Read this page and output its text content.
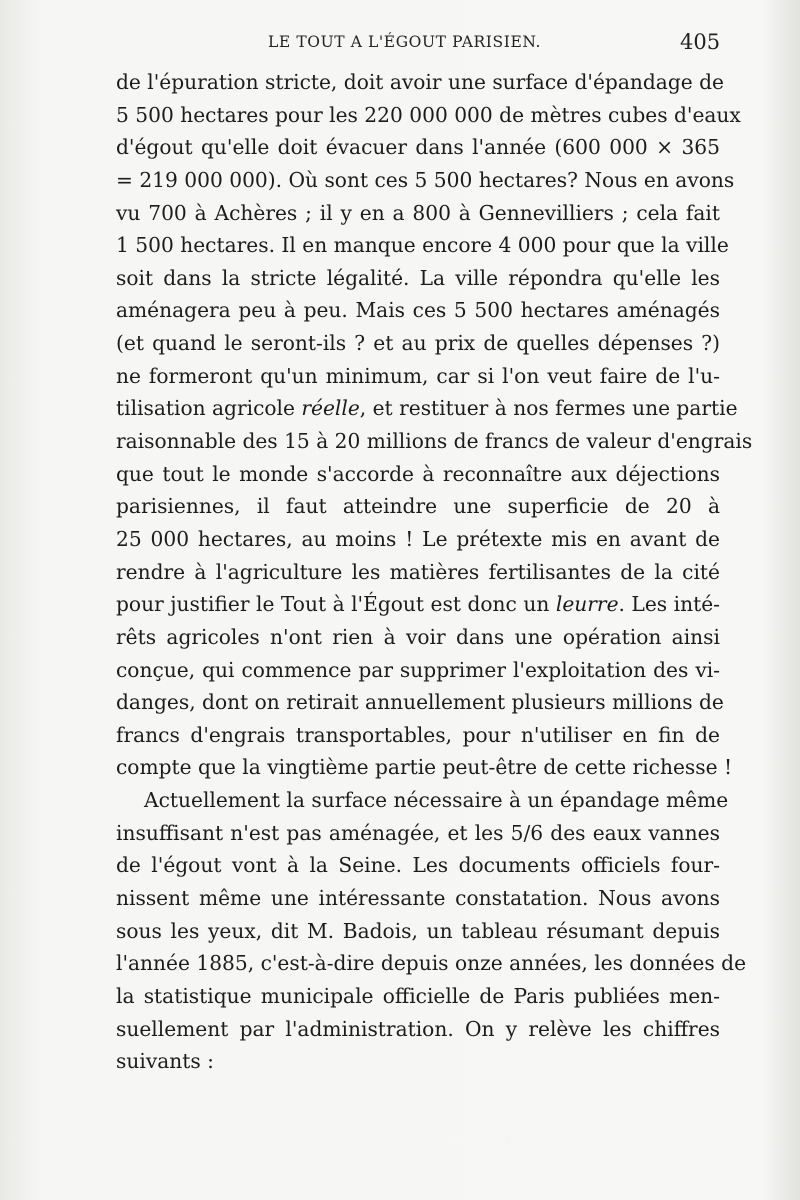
LE TOUT A L'ÉGOUT PARISIEN.	405
de l'épuration stricte, doit avoir une surface d'épandage de
5 500 hectares pour les 220 000 000 de mètres cubes d'eaux
d'égout qu'elle doit évacuer dans l'année (600 000 × 365
= 219 000 000). Où sont ces 5 500 hectares? Nous en avons
vu 700 à Achères ; il y en a 800 à Gennevilliers ; cela fait
1 500 hectares. Il en manque encore 4 000 pour que la ville
soit dans la stricte légalité. La ville répondra qu'elle les
aménagera peu à peu. Mais ces 5 500 hectares aménagés
(et quand le seront-ils ? et au prix de quelles dépenses ?)
ne formeront qu'un minimum, car si l'on veut faire de l'u-
tilisation agricole réelle, et restituer à nos fermes une partie
raisonnable des 15 à 20 millions de francs de valeur d'engrais
que tout le monde s'accorde à reconnaître aux déjections
parisiennes, il faut atteindre une superficie de 20 à
25 000 hectares, au moins ! Le prétexte mis en avant de
rendre à l'agriculture les matières fertilisantes de la cité
pour justifier le Tout à l'Égout est donc un leurre. Les inté-
rêts agricoles n'ont rien à voir dans une opération ainsi
conçue, qui commence par supprimer l'exploitation des vi-
danges, dont on retirait annuellement plusieurs millions de
francs d'engrais transportables, pour n'utiliser en fin de
compte que la vingtième partie peut-être de cette richesse !
Actuellement la surface nécessaire à un épandage même
insuffisant n'est pas aménagée, et les 5/6 des eaux vannes
de l'égout vont à la Seine. Les documents officiels four-
nissent même une intéressante constatation. Nous avons
sous les yeux, dit M. Badois, un tableau résumant depuis
l'année 1885, c'est-à-dire depuis onze années, les données de
la statistique municipale officielle de Paris publiées men-
suellement par l'administration. On y relève les chiffres
suivants :
